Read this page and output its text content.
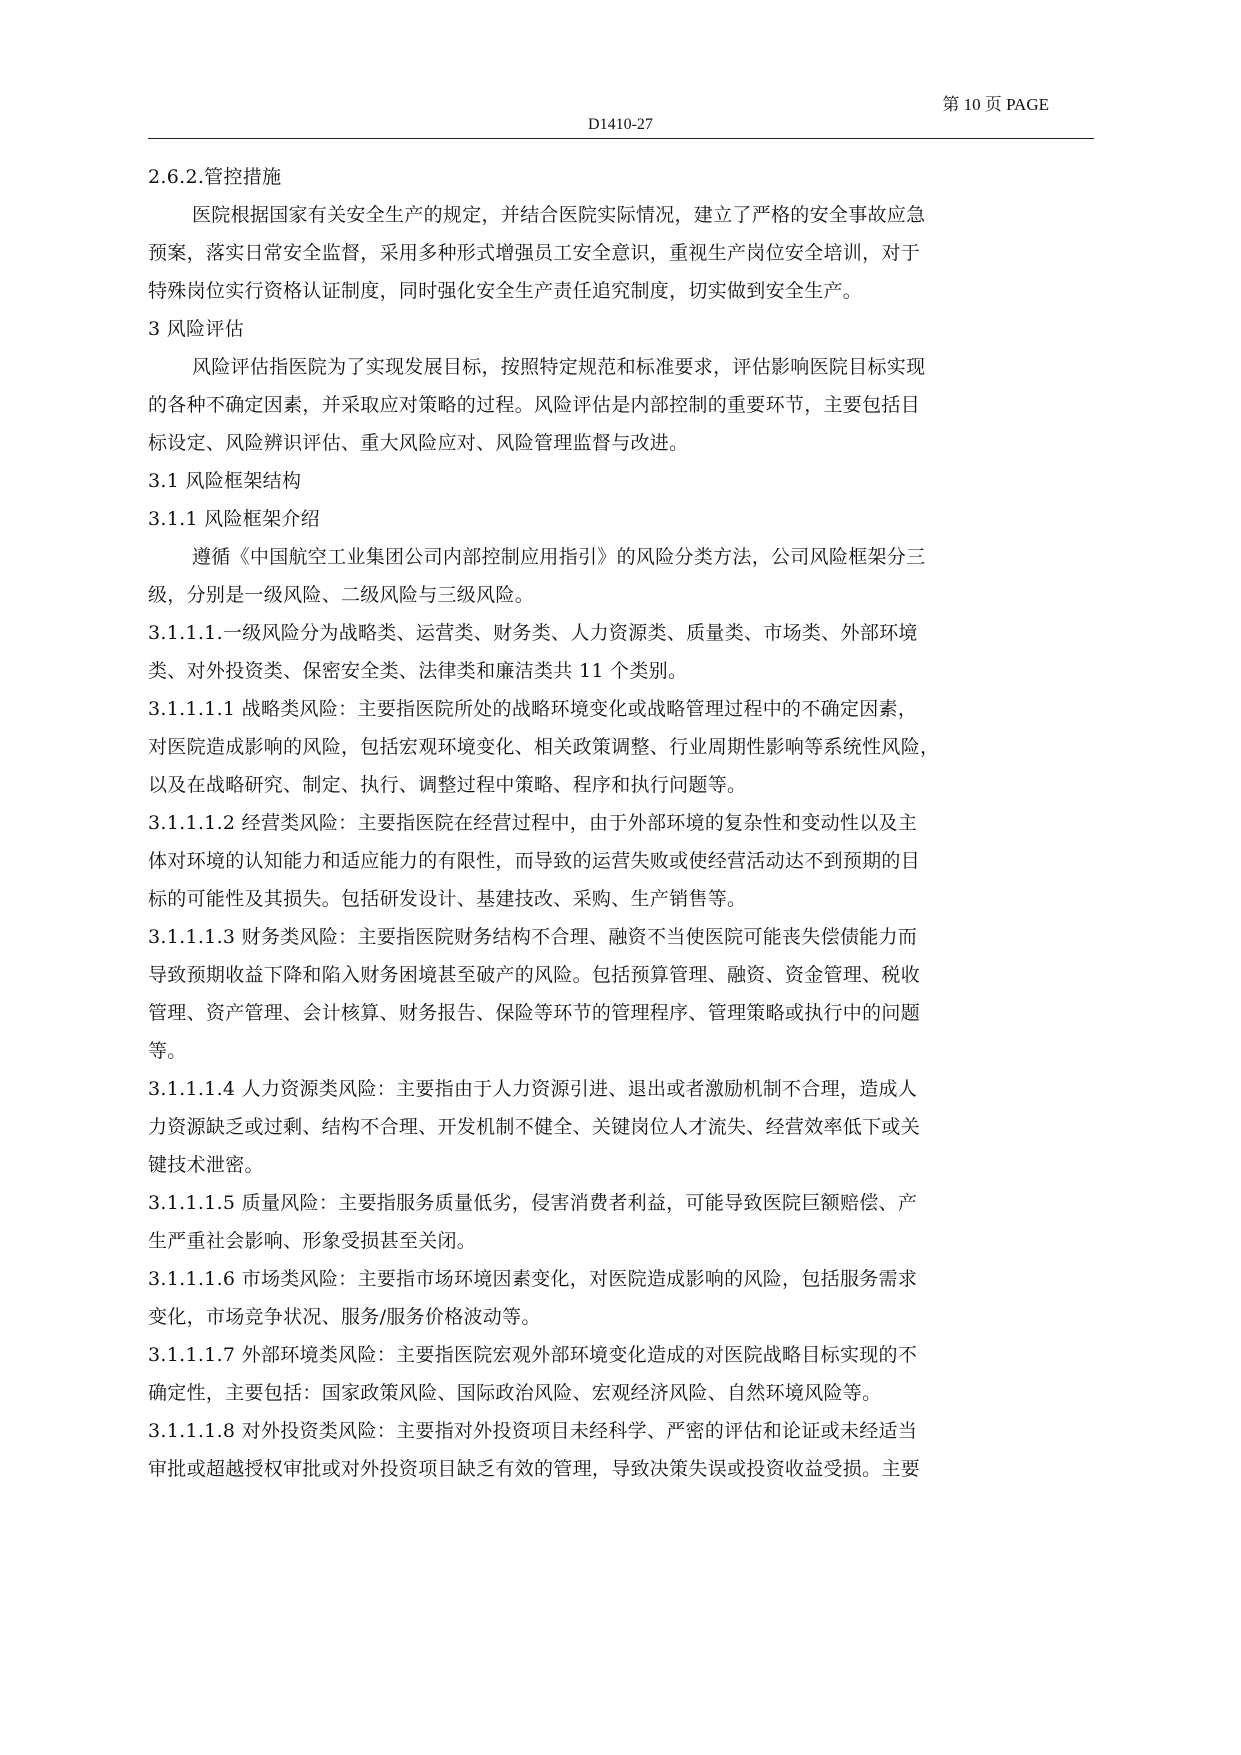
第 10 页 PAGE
D1410-27
2.6.2.管控措施
医院根据国家有关安全生产的规定，并结合医院实际情况，建立了严格的安全事故应急
预案，落实日常安全监督，采用多种形式增强员工安全意识，重视生产岗位安全培训，对于
特殊岗位实行资格认证制度，同时强化安全生产责任追究制度，切实做到安全生产。
3 风险评估
风险评估指医院为了实现发展目标，按照特定规范和标准要求，评估影响医院目标实现
的各种不确定因素，并采取应对策略的过程。风险评估是内部控制的重要环节，主要包括目
标设定、风险辨识评估、重大风险应对、风险管理监督与改进。
3.1 风险框架结构
3.1.1 风险框架介绍
遵循《中国航空工业集团公司内部控制应用指引》的风险分类方法，公司风险框架分三
级，分别是一级风险、二级风险与三级风险。
3.1.1.1.一级风险分为战略类、运营类、财务类、人力资源类、质量类、市场类、外部环境
类、对外投资类、保密安全类、法律类和廉洁类共 11 个类别。
3.1.1.1.1 战略类风险：主要指医院所处的战略环境变化或战略管理过程中的不确定因素，
对医院造成影响的风险，包括宏观环境变化、相关政策调整、行业周期性影响等系统性风险，
以及在战略研究、制定、执行、调整过程中策略、程序和执行问题等。
3.1.1.1.2 经营类风险：主要指医院在经营过程中，由于外部环境的复杂性和变动性以及主
体对环境的认知能力和适应能力的有限性，而导致的运营失败或使经营活动达不到预期的目
标的可能性及其损失。包括研发设计、基建技改、采购、生产销售等。
3.1.1.1.3 财务类风险：主要指医院财务结构不合理、融资不当使医院可能丧失偿债能力而
导致预期收益下降和陷入财务困境甚至破产的风险。包括预算管理、融资、资金管理、税收
管理、资产管理、会计核算、财务报告、保险等环节的管理程序、管理策略或执行中的问题
等。
3.1.1.1.4 人力资源类风险：主要指由于人力资源引进、退出或者激励机制不合理，造成人
力资源缺乏或过剩、结构不合理、开发机制不健全、关键岗位人才流失、经营效率低下或关
键技术泄密。
3.1.1.1.5 质量风险：主要指服务质量低劣，侵害消费者利益，可能导致医院巨额赔偿、产
生严重社会影响、形象受损甚至关闭。
3.1.1.1.6 市场类风险：主要指市场环境因素变化，对医院造成影响的风险，包括服务需求
变化，市场竞争状况、服务/服务价格波动等。
3.1.1.1.7 外部环境类风险：主要指医院宏观外部环境变化造成的对医院战略目标实现的不
确定性，主要包括：国家政策风险、国际政治风险、宏观经济风险、自然环境风险等。
3.1.1.1.8 对外投资类风险：主要指对外投资项目未经科学、严密的评估和论证或未经适当
审批或超越授权审批或对外投资项目缺乏有效的管理，导致决策失误或投资收益受损。主要
